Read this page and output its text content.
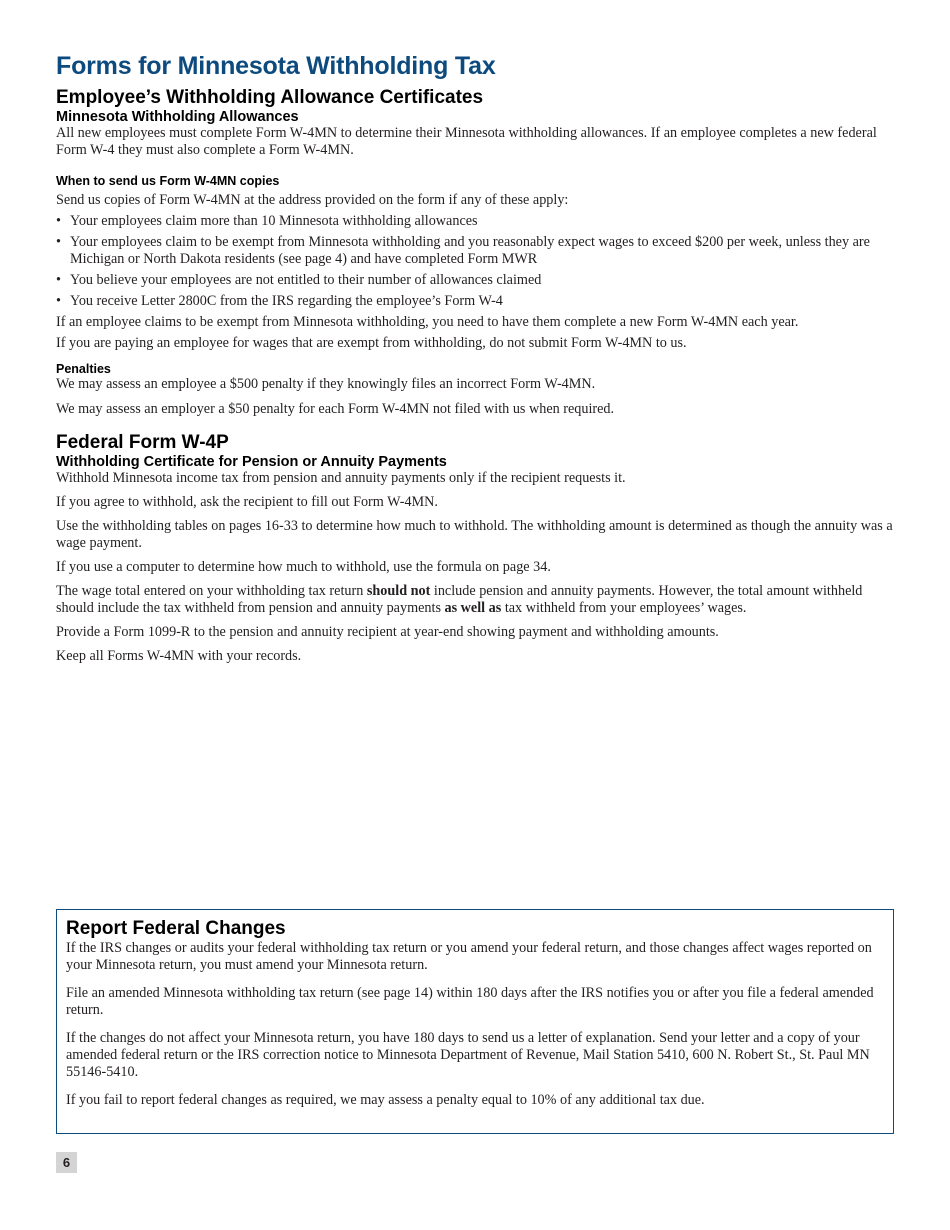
Forms for Minnesota Withholding Tax
Employee’s Withholding Allowance Certificates
Minnesota Withholding Allowances

All new employees must complete Form W-4MN to determine their Minnesota withholding allowances. If an employee completes a new federal Form W-4 they must also complete a Form W-4MN.

When to send us Form W-4MN copies

Send us copies of Form W-4MN at the address provided on the form if any of these apply:

• Your employees claim more than 10 Minnesota withholding allowances
• Your employees claim to be exempt from Minnesota withholding and you reasonably expect wages to exceed $200 per week, unless they are Michigan or North Dakota residents (see page 4) and have completed Form MWR
• You believe your employees are not entitled to their number of allowances claimed
• You receive Letter 2800C from the IRS regarding the employee’s Form W-4

If an employee claims to be exempt from Minnesota withholding, you need to have them complete a new Form W-4MN each year.

If you are paying an employee for wages that are exempt from withholding, do not submit Form W-4MN to us.

Penalties

We may assess an employee a $500 penalty if they knowingly files an incorrect Form W-4MN.

We may assess an employer a $50 penalty for each Form W-4MN not filed with us when required.

Federal Form W-4P
Withholding Certificate for Pension or Annuity Payments

Withhold Minnesota income tax from pension and annuity payments only if the recipient requests it.

If you agree to withhold, ask the recipient to fill out Form W-4MN.

Use the withholding tables on pages 16-33 to determine how much to withhold. The withholding amount is determined as though the annuity was a wage payment.

If you use a computer to determine how much to withhold, use the formula on page 34.

The wage total entered on your withholding tax return should not include pension and annuity payments. However, the total amount withheld should include the tax withheld from pension and annuity payments as well as tax withheld from your employees’ wages.

Provide a Form 1099-R to the pension and annuity recipient at year-end showing payment and withholding amounts.

Keep all Forms W-4MN with your records.

Report Federal Changes

If the IRS changes or audits your federal withholding tax return or you amend your federal return, and those changes affect wages reported on your Minnesota return, you must amend your Minnesota return.

File an amended Minnesota withholding tax return (see page 14) within 180 days after the IRS notifies you or after you file a federal amended return.

If the changes do not affect your Minnesota return, you have 180 days to send us a letter of explanation. Send your letter and a copy of your amended federal return or the IRS correction notice to Minnesota Department of Revenue, Mail Station 5410, 600 N. Robert St., St. Paul MN 55146-5410.

If you fail to report federal changes as required, we may assess a penalty equal to 10% of any additional tax due.

6
